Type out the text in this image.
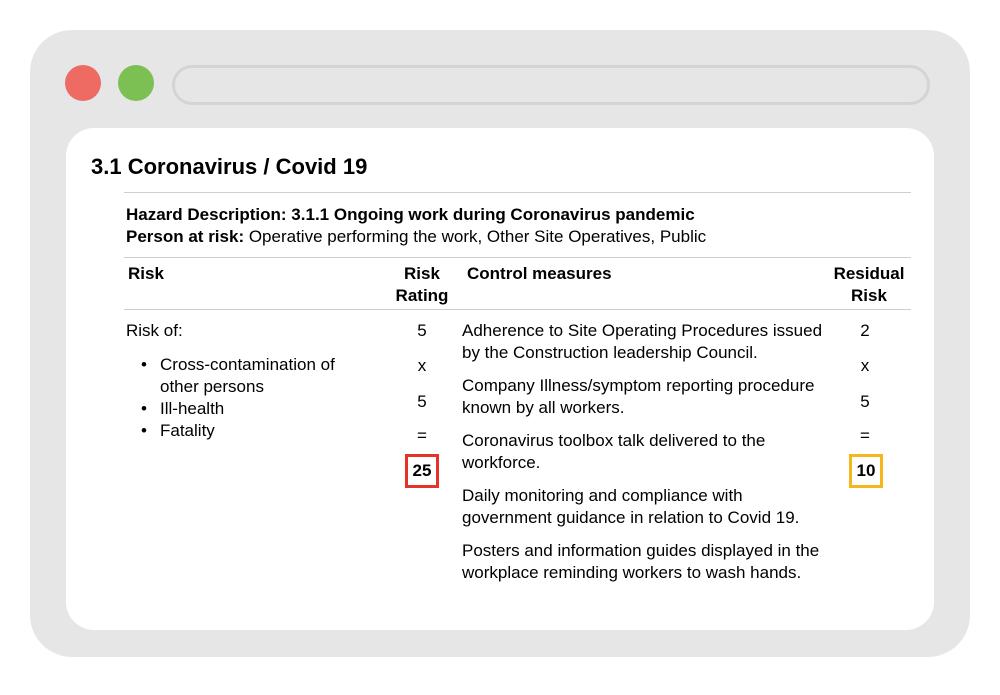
3.1 Coronavirus / Covid 19
Hazard Description: 3.1.1 Ongoing work during Coronavirus pandemic
Person at risk: Operative performing the work, Other Site Operatives, Public
Risk	Risk
Rating
Control measures	Residual
Risk
Risk of:
• Cross-contamination of other persons
• Ill-health
• Fatality
5
x
5
=
25

Adherence to Site Operating Procedures issued by the Construction leadership Council.

Company Illness/symptom reporting procedure known by all workers.

Coronavirus toolbox talk delivered to the workforce.

Daily monitoring and compliance with government guidance in relation to Covid 19.

Posters and information guides displayed in the workplace reminding workers to wash hands.

2
x
5
=
10
